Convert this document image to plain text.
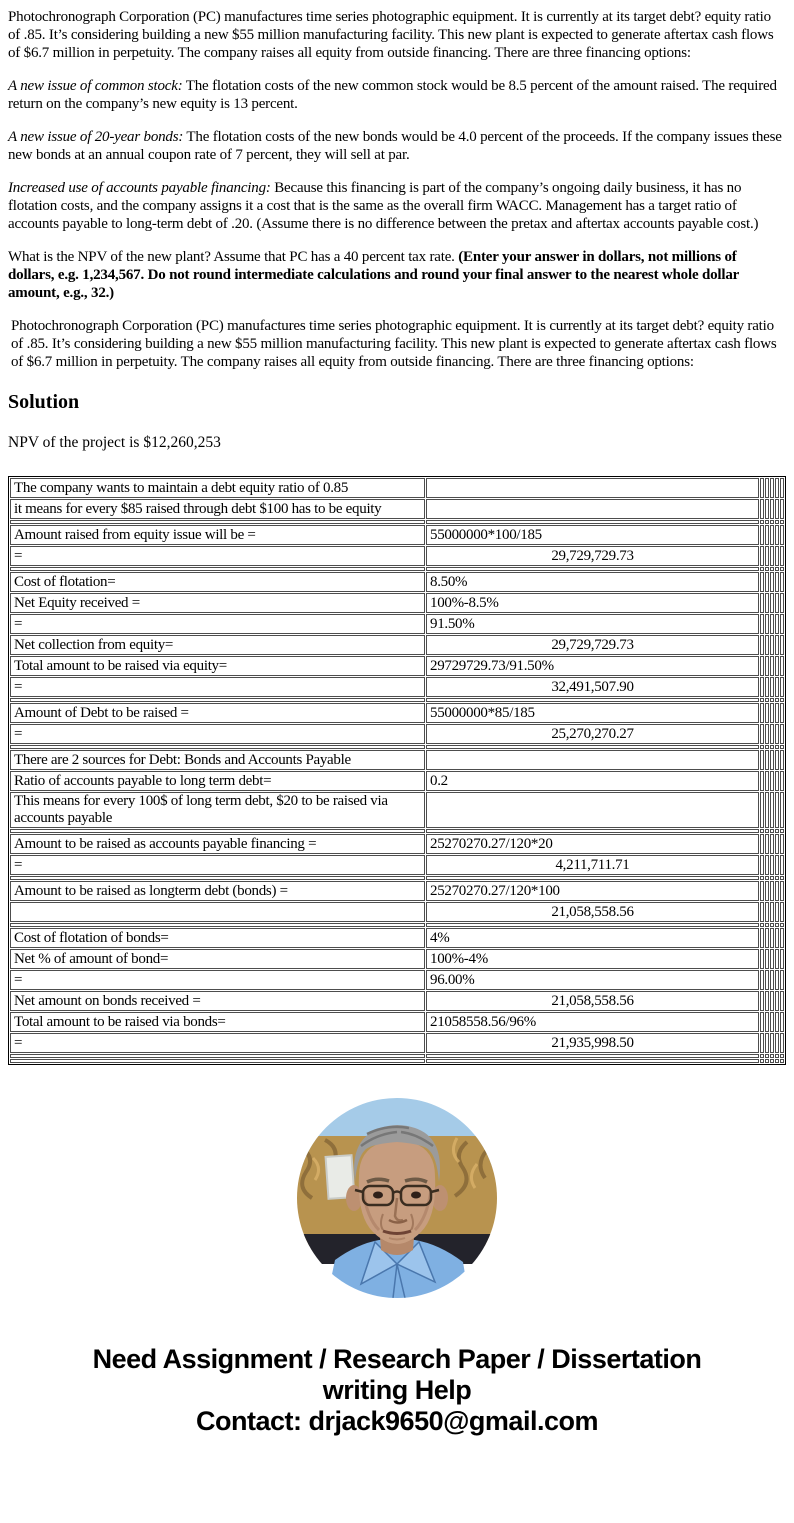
Photochronograph Corporation (PC) manufactures time series photographic equipment. It is currently at its target debt? equity ratio of .85. It’s considering building a new $55 million manufacturing facility. This new plant is expected to generate aftertax cash flows of $6.7 million in perpetuity. The company raises all equity from outside financing. There are three financing options:

A new issue of common stock: The flotation costs of the new common stock would be 8.5 percent of the amount raised. The required return on the company’s new equity is 13 percent.

A new issue of 20-year bonds: The flotation costs of the new bonds would be 4.0 percent of the proceeds. If the company issues these new bonds at an annual coupon rate of 7 percent, they will sell at par.

Increased use of accounts payable financing: Because this financing is part of the company’s ongoing daily business, it has no flotation costs, and the company assigns it a cost that is the same as the overall firm WACC. Management has a target ratio of accounts payable to long-term debt of .20. (Assume there is no difference between the pretax and aftertax accounts payable cost.)

What is the NPV of the new plant? Assume that PC has a 40 percent tax rate. (Enter your answer in dollars, not millions of dollars, e.g. 1,234,567. Do not round intermediate calculations and round your final answer to the nearest whole dollar amount, e.g., 32.)

Photochronograph Corporation (PC) manufactures time series photographic equipment. It is currently at its target debt? equity ratio of .85. It’s considering building a new $55 million manufacturing facility. This new plant is expected to generate aftertax cash flows of $6.7 million in perpetuity. The company raises all equity from outside financing. There are three financing options:

Solution

NPV of the project is $12,260,253

The company wants to maintain a debt equity ratio of 0.85						
it means for every $85 raised through debt $100 has to be equity						

Amount raised from equity issue will be =	55000000*100/185					
=	29,729,729.73					

Cost of flotation=	8.50%					
Net Equity received =	100%-8.5%					
=	91.50%					
Net collection from equity=	29,729,729.73					
Total amount to be raised via equity=	29729729.73/91.50%					
=	32,491,507.90					

Amount of Debt to be raised =	55000000*85/185					
=	25,270,270.27					

There are 2 sources for Debt: Bonds and Accounts Payable						
Ratio of accounts payable to long term debt=	0.2					
This means for every 100$ of long term debt, $20 to be raised via accounts payable						

Amount to be raised as accounts payable financing =	25270270.27/120*20					
=	4,211,711.71					

Amount to be raised as longterm debt (bonds) =	25270270.27/120*100					
	21,058,558.56					

Cost of flotation of bonds=	4%					
Net % of amount of bond=	100%-4%					
=	96.00%					
Net amount on bonds received =	21,058,558.56					
Total amount to be raised via bonds=	21058558.56/96%					
=	21,935,998.50					

Need Assignment / Research Paper / Dissertation
writing Help
Contact: drjack9650@gmail.com
